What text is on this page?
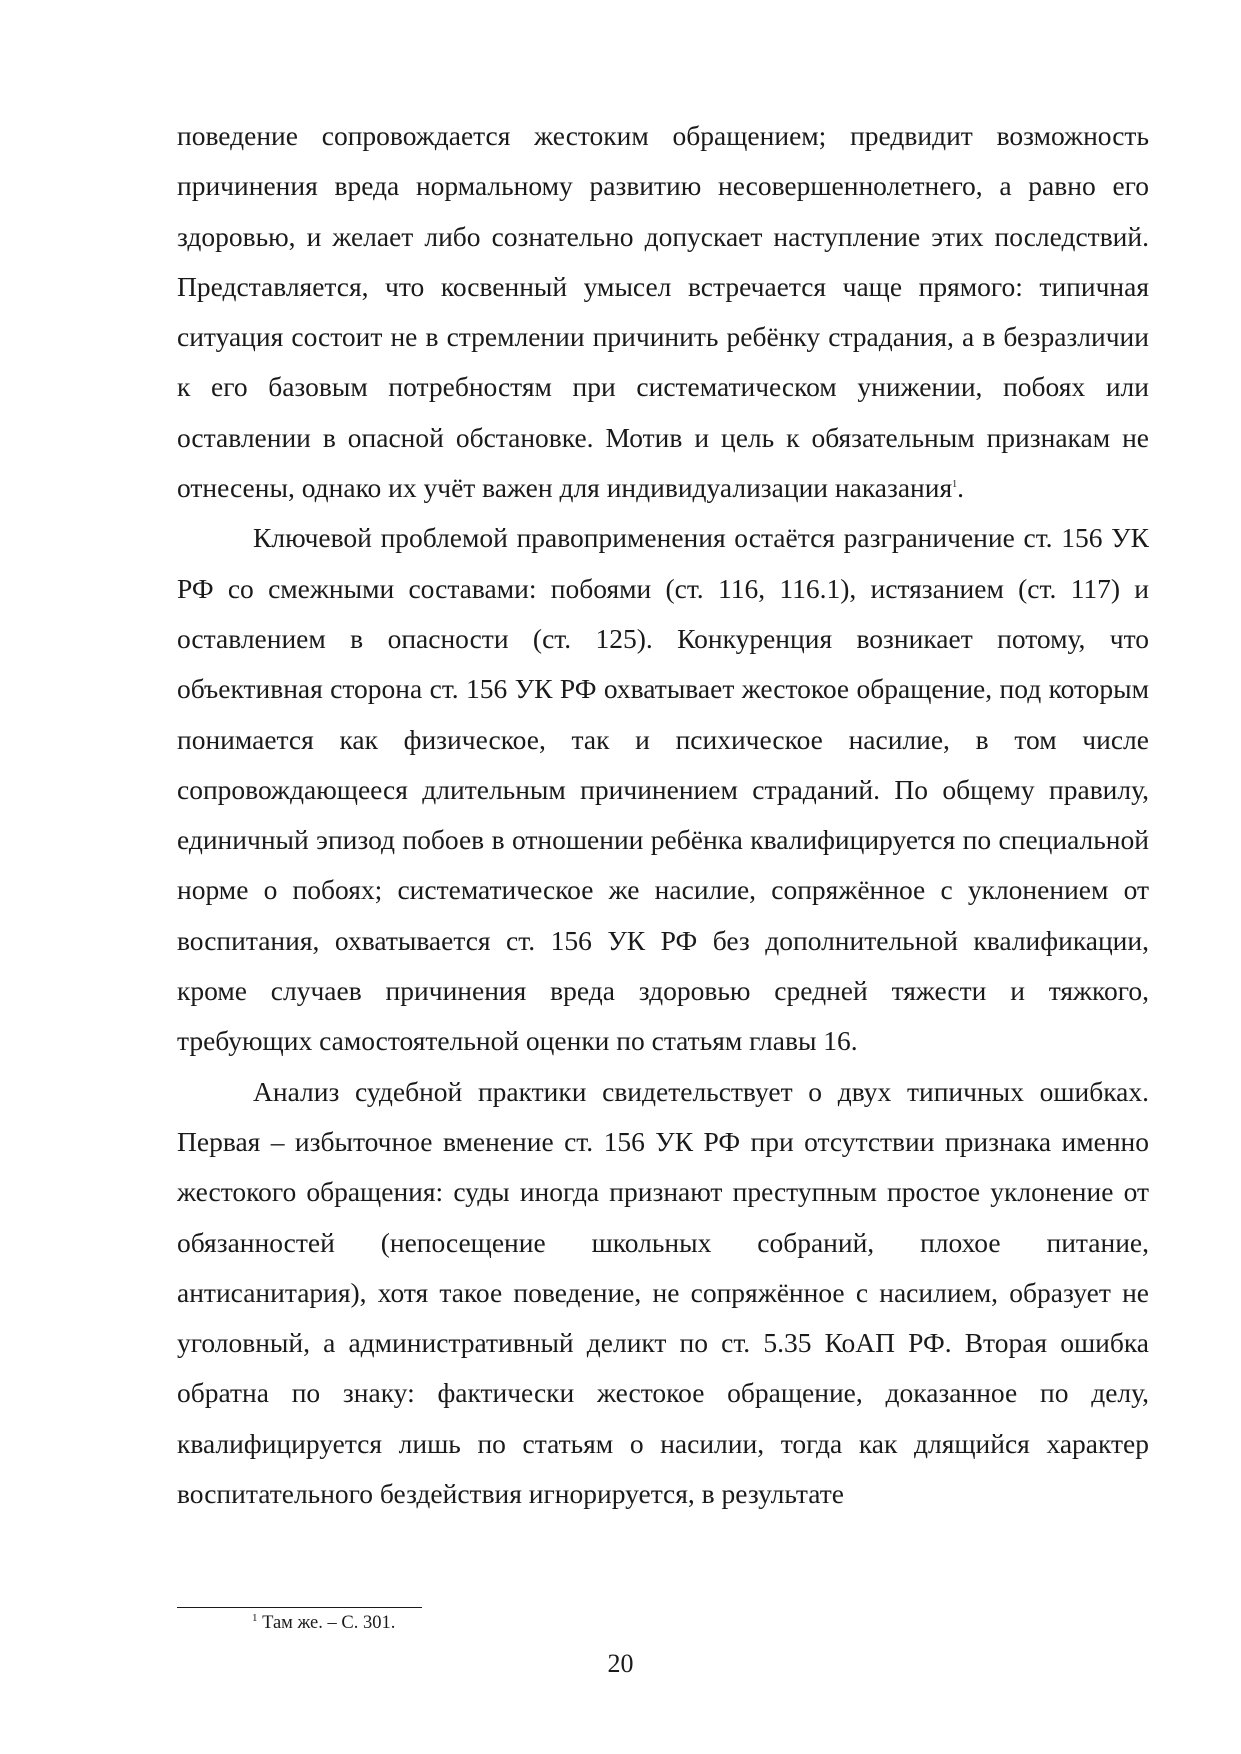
поведение сопровождается жестоким обращением; предвидит возможность причинения вреда нормальному развитию несовершеннолетнего, а равно его здоровью, и желает либо сознательно допускает наступление этих последствий. Представляется, что косвенный умысел встречается чаще прямого: типичная ситуация состоит не в стремлении причинить ребёнку страдания, а в безразличии к его базовым потребностям при систематическом унижении, побоях или оставлении в опасной обстановке. Мотив и цель к обязательным признакам не отнесены, однако их учёт важен для индивидуализации наказания$^1$.

Ключевой проблемой правоприменения остаётся разграничение ст. 156 УК РФ со смежными составами: побоями (ст. 116, 116.1), истязанием (ст. 117) и оставлением в опасности (ст. 125). Конкуренция возникает потому, что объективная сторона ст. 156 УК РФ охватывает жестокое обращение, под которым понимается как физическое, так и психическое насилие, в том числе сопровождающееся длительным причинением страданий. По общему правилу, единичный эпизод побоев в отношении ребёнка квалифицируется по специальной норме о побоях; систематическое же насилие, сопряжённое с уклонением от воспитания, охватывается ст. 156 УК РФ без дополнительной квалификации, кроме случаев причинения вреда здоровью средней тяжести и тяжкого, требующих самостоятельной оценки по статьям главы 16.

Анализ судебной практики свидетельствует о двух типичных ошибках. Первая – избыточное вменение ст. 156 УК РФ при отсутствии признака именно жестокого обращения: суды иногда признают преступным простое уклонение от обязанностей (непосещение школьных собраний, плохое питание, антисанитария), хотя такое поведение, не сопряжённое с насилием, образует не уголовный, а административный деликт по ст. 5.35 КоАП РФ. Вторая ошибка обратна по знаку: фактически жестокое обращение, доказанное по делу, квалифицируется лишь по статьям о насилии, тогда как длящийся характер воспитательного бездействия игнорируется, в результате

$^1$ Там же. – С. 301.
20
